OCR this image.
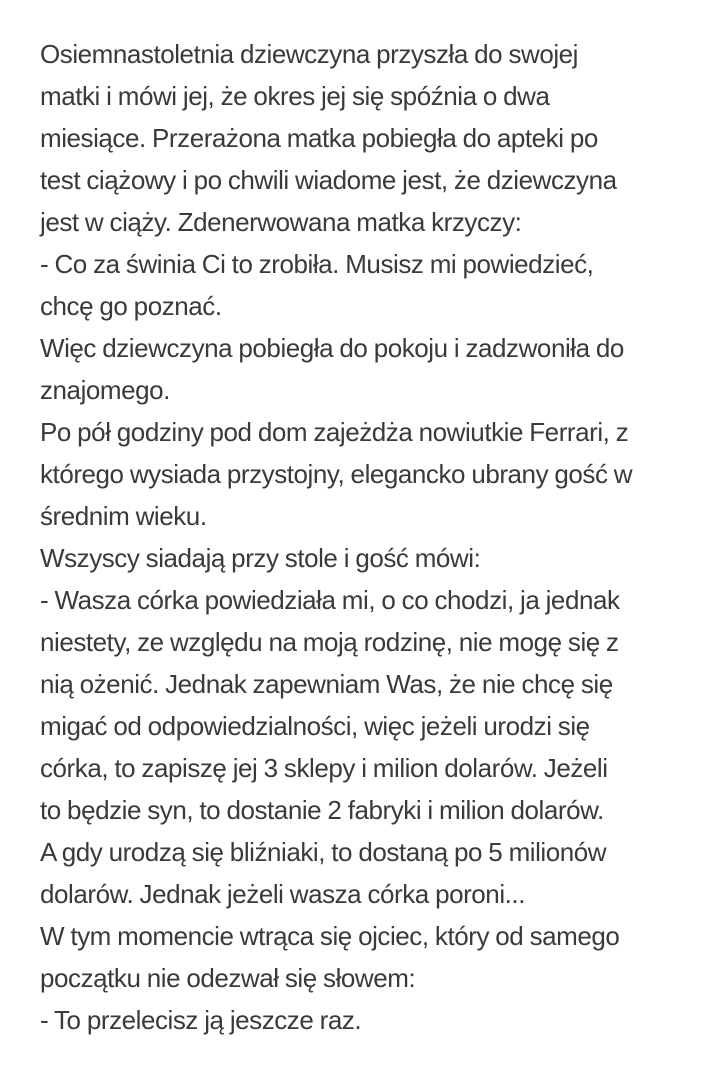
Osiemnastoletnia dziewczyna przyszła do swojej
matki i mówi jej, że okres jej się spóźnia o dwa
miesiące. Przerażona matka pobiegła do apteki po
test ciążowy i po chwili wiadome jest, że dziewczyna
jest w ciąży. Zdenerwowana matka krzyczy:
- Co za świnia Ci to zrobiła. Musisz mi powiedzieć,
chcę go poznać.
Więc dziewczyna pobiegła do pokoju i zadzwoniła do
znajomego.
Po pół godziny pod dom zajeżdża nowiutkie Ferrari, z
którego wysiada przystojny, elegancko ubrany gość w
średnim wieku.
Wszyscy siadają przy stole i gość mówi:
- Wasza córka powiedziała mi, o co chodzi, ja jednak
niestety, ze względu na moją rodzinę, nie mogę się z
nią ożenić. Jednak zapewniam Was, że nie chcę się
migać od odpowiedzialności, więc jeżeli urodzi się
córka, to zapiszę jej 3 sklepy i milion dolarów. Jeżeli
to będzie syn, to dostanie 2 fabryki i milion dolarów.
A gdy urodzą się bliźniaki, to dostaną po 5 milionów
dolarów. Jednak jeżeli wasza córka poroni...
W tym momencie wtrąca się ojciec, który od samego
początku nie odezwał się słowem:
- To przelecisz ją jeszcze raz.
